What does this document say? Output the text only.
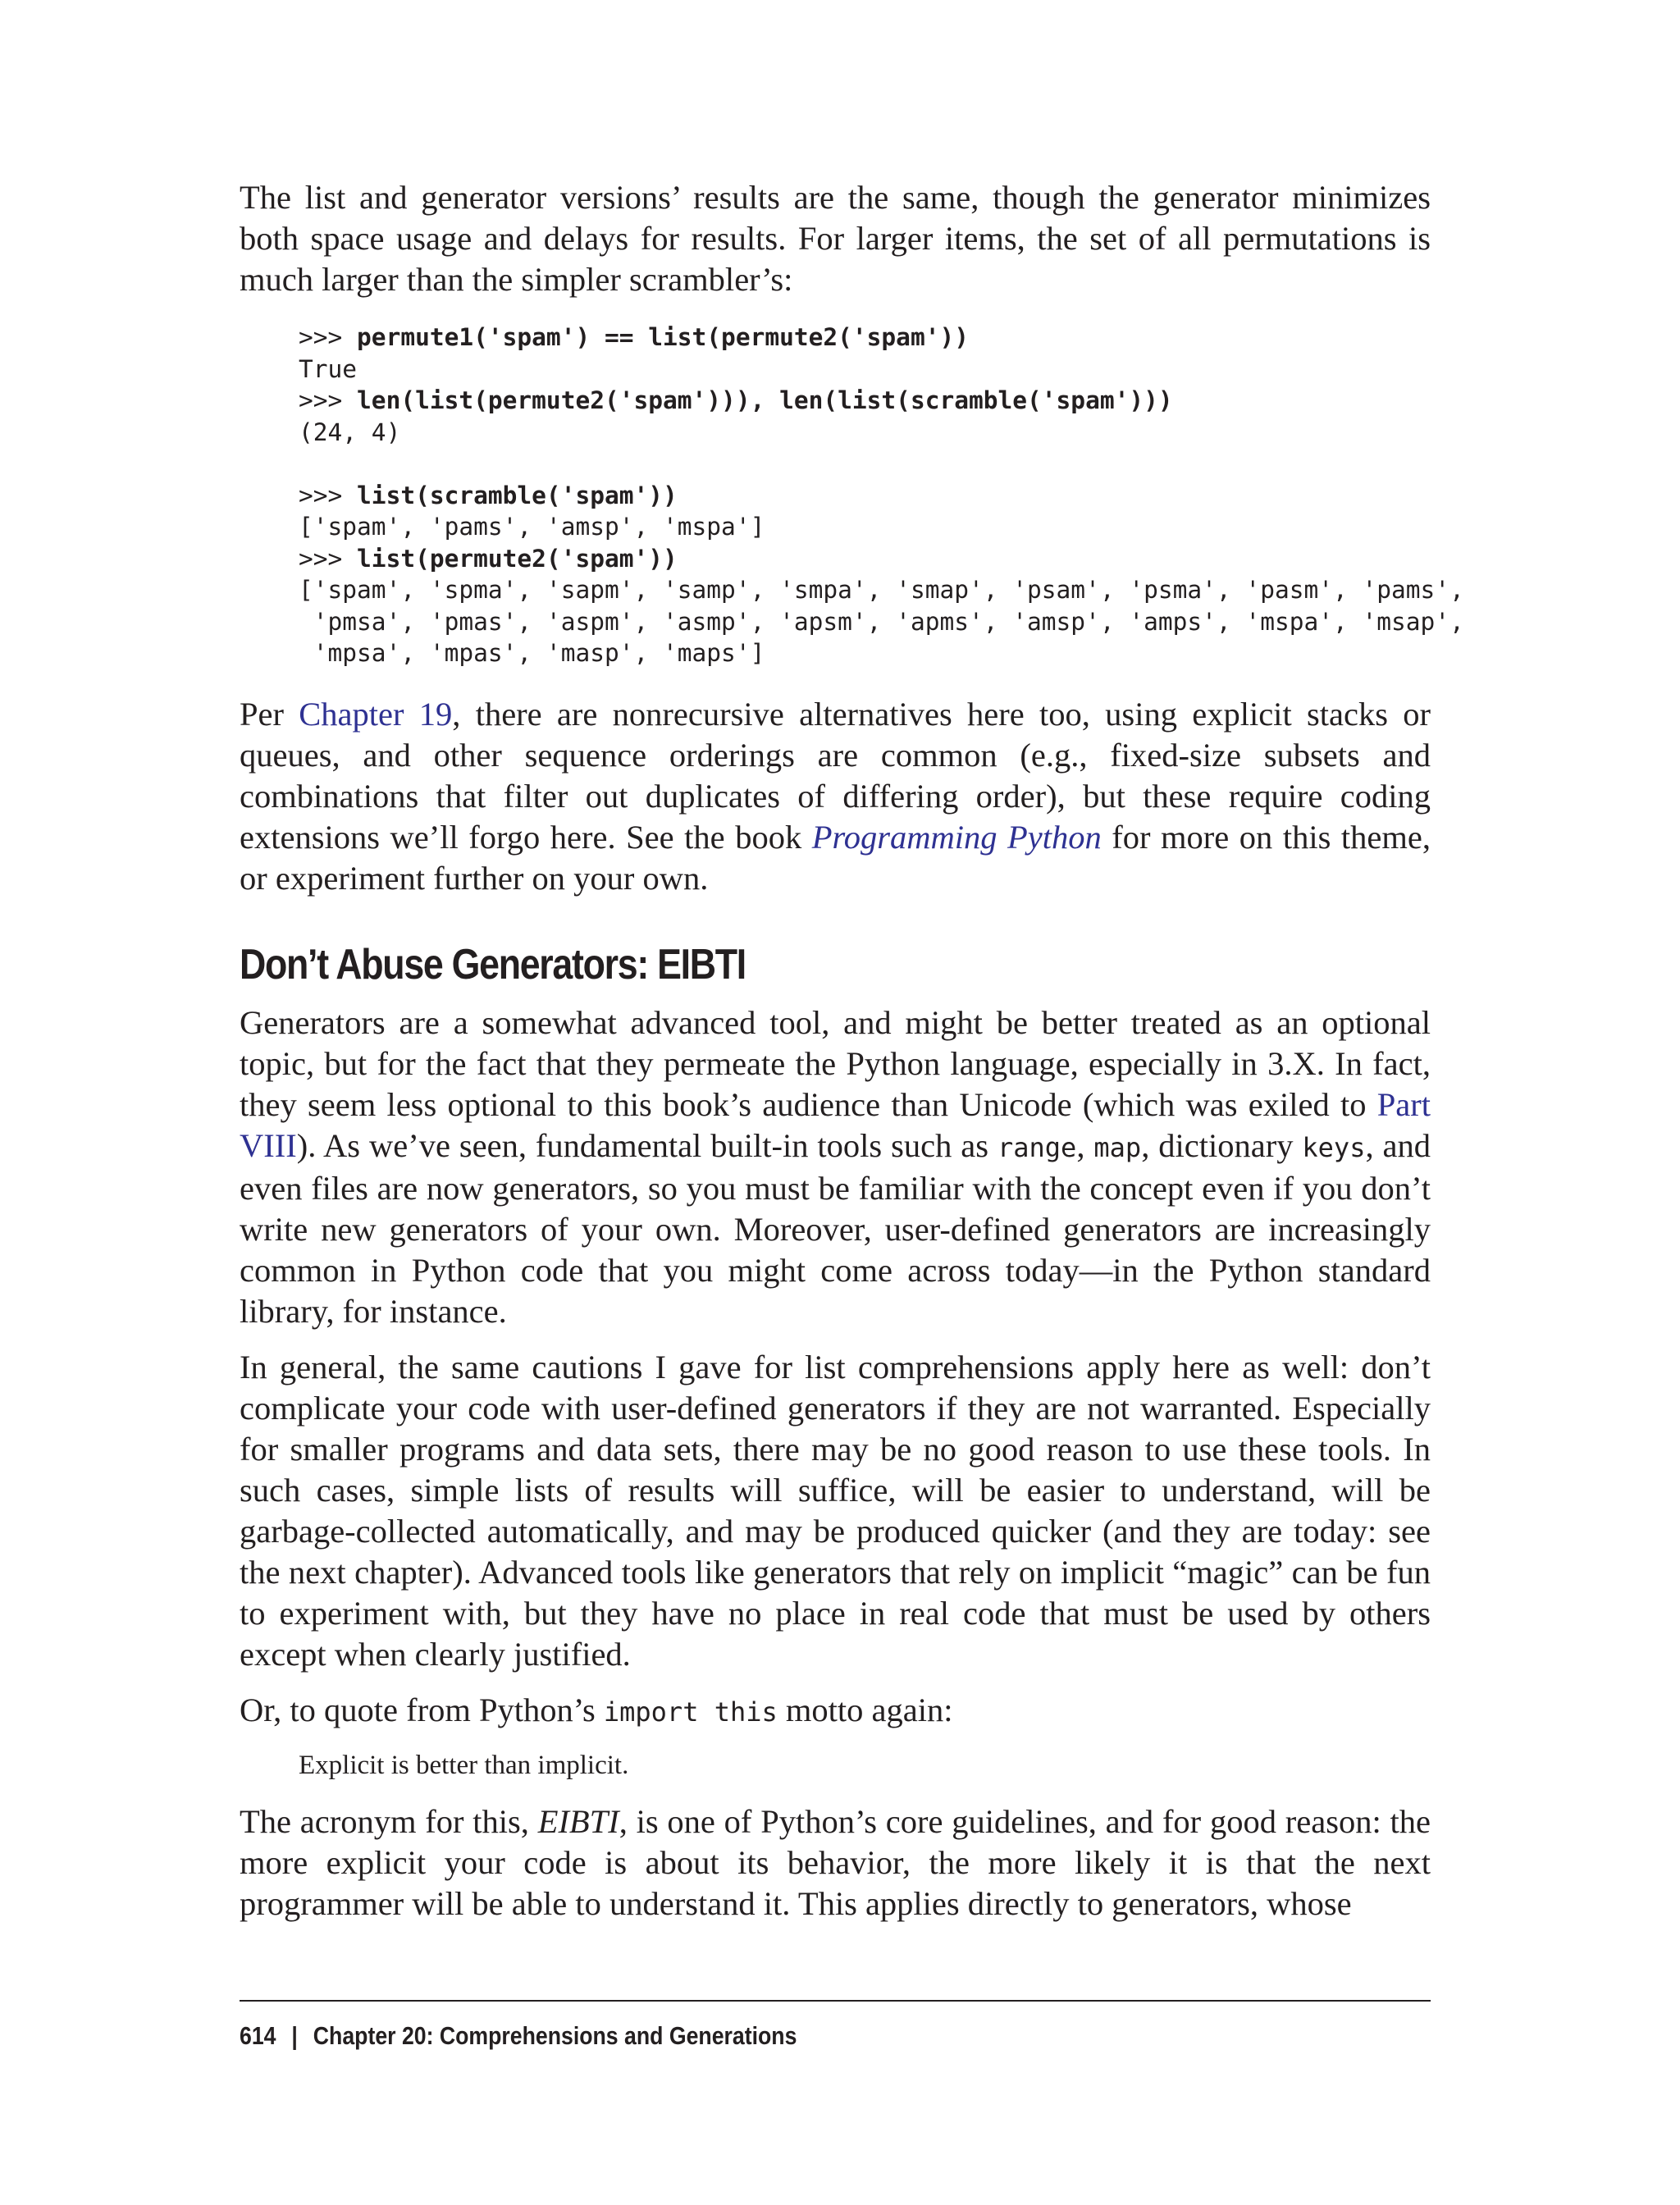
The list and generator versions’ results are the same, though the generator minimizes both space usage and delays for results. For larger items, the set of all permutations is much larger than the simpler scrambler’s:

>>> permute1('spam') == list(permute2('spam'))
True
>>> len(list(permute2('spam'))), len(list(scramble('spam')))
(24, 4)

>>> list(scramble('spam'))
['spam', 'pams', 'amsp', 'mspa']
>>> list(permute2('spam'))
['spam', 'spma', 'sapm', 'samp', 'smpa', 'smap', 'psam', 'psma', 'pasm', 'pams',
'pmsa', 'pmas', 'aspm', 'asmp', 'apsm', 'apms', 'amsp', 'amps', 'mspa', 'msap',
'mpsa', 'mpas', 'masp', 'maps']

Per Chapter 19, there are nonrecursive alternatives here too, using explicit stacks or queues, and other sequence orderings are common (e.g., fixed-size subsets and combinations that filter out duplicates of differing order), but these require coding extensions we’ll forgo here. See the book Programming Python for more on this theme, or experiment further on your own.

Don’t Abuse Generators: EIBTI

Generators are a somewhat advanced tool, and might be better treated as an optional topic, but for the fact that they permeate the Python language, especially in 3.X. In fact, they seem less optional to this book’s audience than Unicode (which was exiled to Part VIII). As we’ve seen, fundamental built-in tools such as range, map, dictionary keys, and even files are now generators, so you must be familiar with the concept even if you don’t write new generators of your own. Moreover, user-defined generators are increasingly common in Python code that you might come across today—in the Python standard library, for instance.

In general, the same cautions I gave for list comprehensions apply here as well: don’t complicate your code with user-defined generators if they are not warranted. Especially for smaller programs and data sets, there may be no good reason to use these tools. In such cases, simple lists of results will suffice, will be easier to understand, will be garbage-collected automatically, and may be produced quicker (and they are today: see the next chapter). Advanced tools like generators that rely on implicit “magic” can be fun to experiment with, but they have no place in real code that must be used by others except when clearly justified.

Or, to quote from Python’s import this motto again:

Explicit is better than implicit.

The acronym for this, EIBTI, is one of Python’s core guidelines, and for good reason: the more explicit your code is about its behavior, the more likely it is that the next programmer will be able to understand it. This applies directly to generators, whose

614 | Chapter 20: Comprehensions and Generations
